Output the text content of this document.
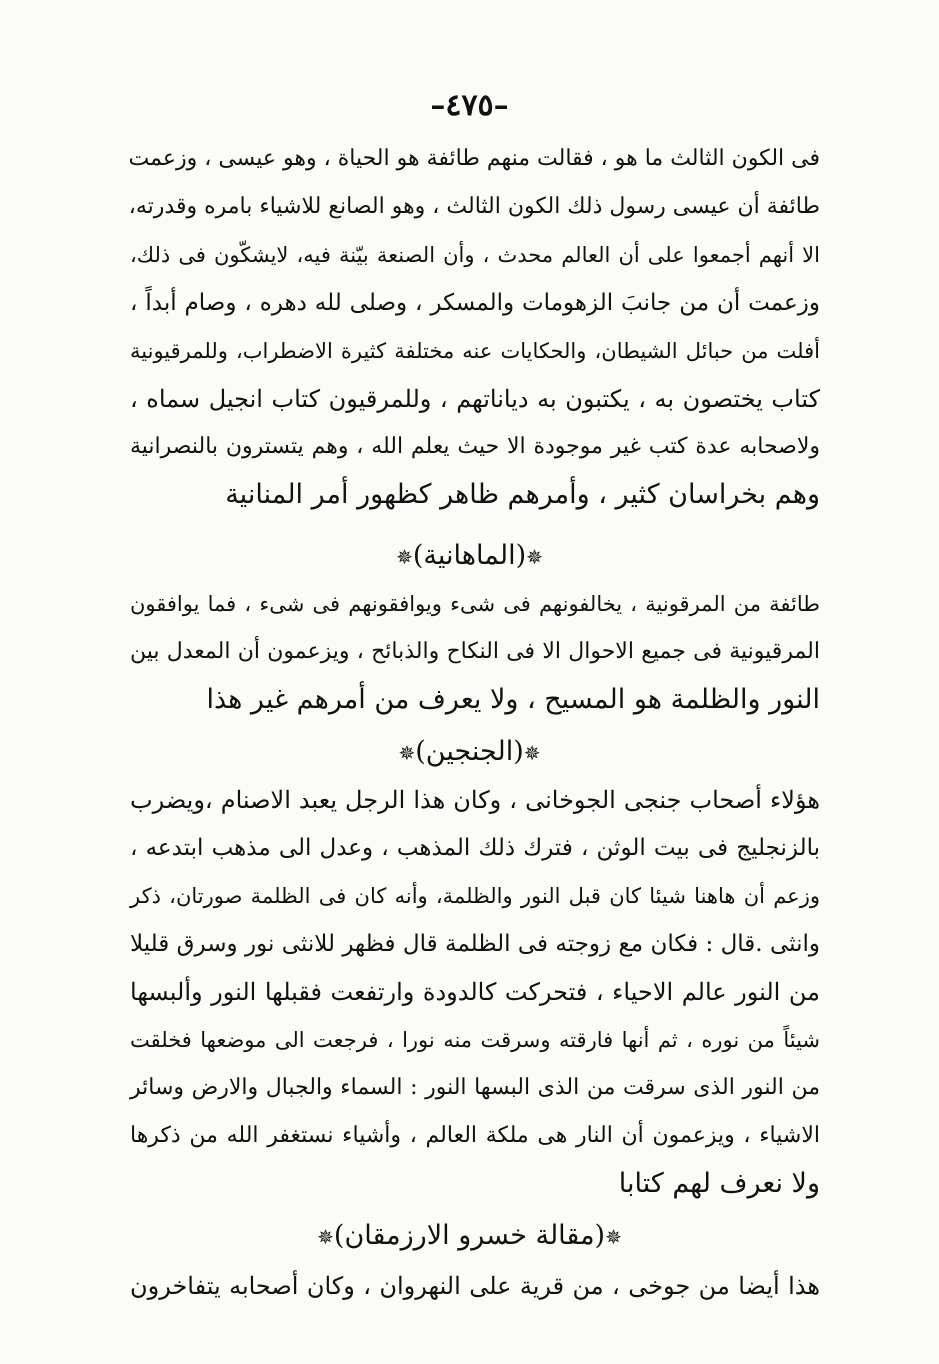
–٤٧٥–
فى الكون الثالث ما هو ، فقالت منهم طائفة هو الحياة ، وهو عيسى ، وزعمت
طائفة أن عيسى رسول ذلك الكون الثالث ، وهو الصانع للاشياء بامره وقدرته،
الا أنهم أجمعوا على أن العالم محدث ، وأن الصنعة بيّنة فيه، لايشكّون فى ذلك،
وزعمت أن من جانبَ الزهومات والمسكر ، وصلى لله دهره ، وصام أبداً ،
أفلت من حبائل الشيطان، والحكايات عنه مختلفة كثيرة الاضطراب، وللمرقيونية
كتاب يختصون به ، يكتبون به دياناتهم ، وللمرقيون كتاب انجيل سماه ،
ولاصحابه عدة كتب غير موجودة الا حيث يعلم الله ، وهم يتسترون بالنصرانية
وهم بخراسان كثير ، وأمرهم ظاهر كظهور أمر المنانية
✵(الماهانية)✵
طائفة من المرقونية ، يخالفونهم فى شىء ويوافقونهم فى شىء ، فما يوافقون
المرقيونية فى جميع الاحوال الا فى النكاح والذبائح ، ويزعمون أن المعدل بين
النور والظلمة هو المسيح ، ولا يعرف من أمرهم غير هذا
✵(الجنجين)✵
هؤلاء أصحاب جنجى الجوخانى ، وكان هذا الرجل يعبد الاصنام ،ويضرب
بالزنجليج فى بيت الوثن ، فترك ذلك المذهب ، وعدل الى مذهب ابتدعه ،
وزعم أن هاهنا شيئا كان قبل النور والظلمة، وأنه كان فى الظلمة صورتان، ذكر
وانثى .قال : فكان مع زوجته فى الظلمة قال فظهر للانثى نور وسرق قليلا
من النور عالم الاحياء ، فتحركت كالدودة وارتفعت فقبلها النور وألبسها
شيئاً من نوره ، ثم أنها فارقته وسرقت منه نورا ، فرجعت الى موضعها فخلقت
من النور الذى سرقت من الذى البسها النور : السماء والجبال والارض وسائر
الاشياء ، ويزعمون أن النار هى ملكة العالم ، وأشياء نستغفر الله من ذكرها
ولا نعرف لهم كتابا
✵(مقالة خسرو الارزمقان)✵
هذا أيضا من جوخى ، من قرية على النهروان ، وكان أصحابه يتفاخرون
